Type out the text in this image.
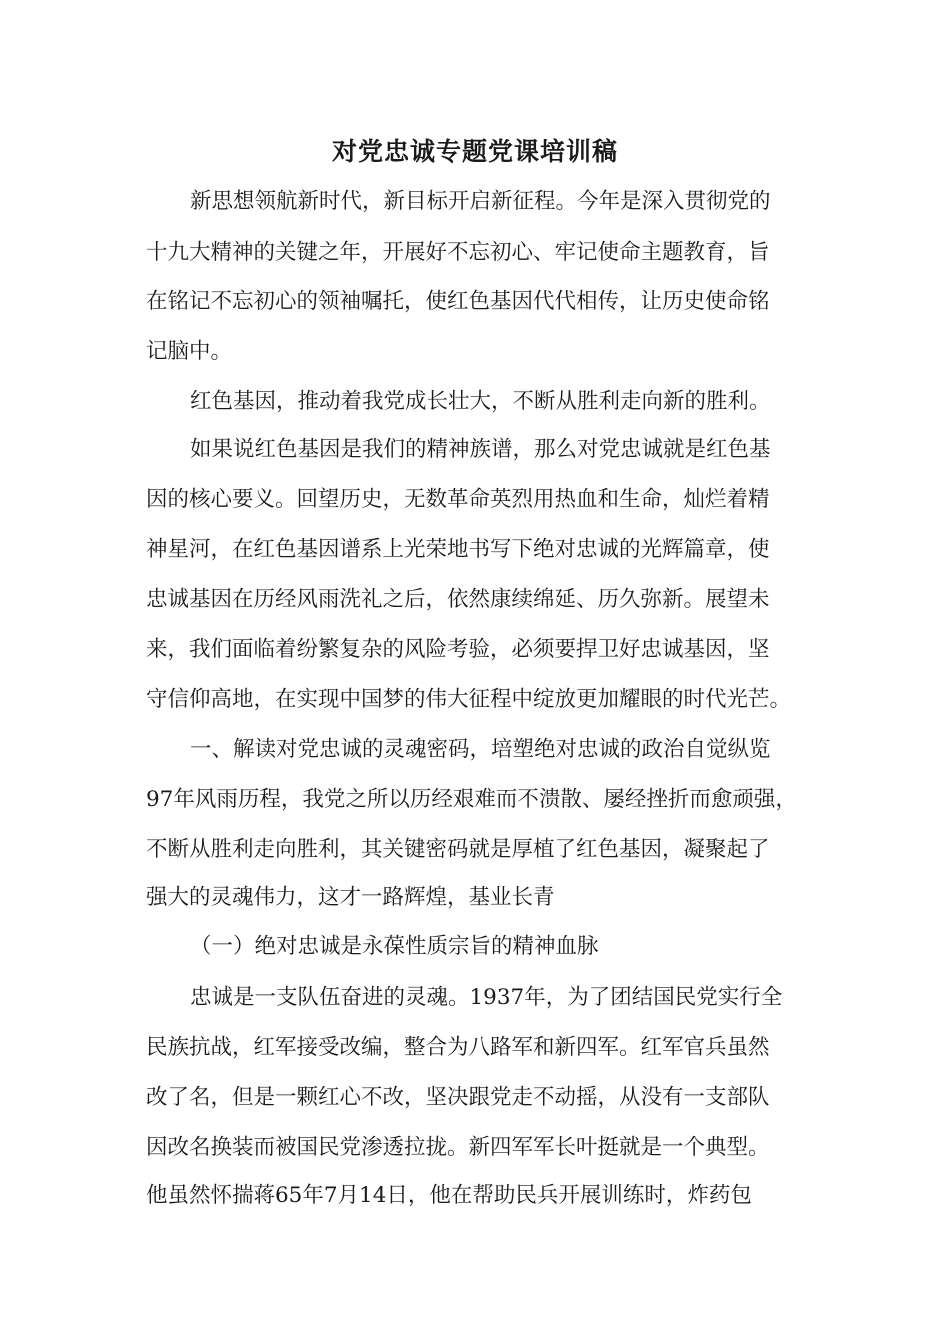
对党忠诚专题党课培训稿
新思想领航新时代，新目标开启新征程。今年是深入贯彻党的
十九大精神的关键之年，开展好不忘初心、牢记使命主题教育，旨
在铭记不忘初心的领袖嘱托，使红色基因代代相传，让历史使命铭
记脑中。
红色基因，推动着我党成长壮大，不断从胜利走向新的胜利。
如果说红色基因是我们的精神族谱，那么对党忠诚就是红色基
因的核心要义。回望历史，无数革命英烈用热血和生命，灿烂着精
神星河，在红色基因谱系上光荣地书写下绝对忠诚的光辉篇章，使
忠诚基因在历经风雨洗礼之后，依然康续绵延、历久弥新。展望未
来，我们面临着纷繁复杂的风险考验，必须要捍卫好忠诚基因，坚
守信仰高地，在实现中国梦的伟大征程中绽放更加耀眼的时代光芒。
一、解读对党忠诚的灵魂密码，培塑绝对忠诚的政治自觉纵览
97年风雨历程，我党之所以历经艰难而不溃散、屡经挫折而愈顽强，
不断从胜利走向胜利，其关键密码就是厚植了红色基因，凝聚起了
强大的灵魂伟力，这才一路辉煌，基业长青
（一）绝对忠诚是永葆性质宗旨的精神血脉
忠诚是一支队伍奋进的灵魂。1937年，为了团结国民党实行全
民族抗战，红军接受改编，整合为八路军和新四军。红军官兵虽然
改了名，但是一颗红心不改，坚决跟党走不动摇，从没有一支部队
因改名换装而被国民党渗透拉拢。新四军军长叶挺就是一个典型。
他虽然怀揣蒋65年7月14日，他在帮助民兵开展训练时，炸药包
